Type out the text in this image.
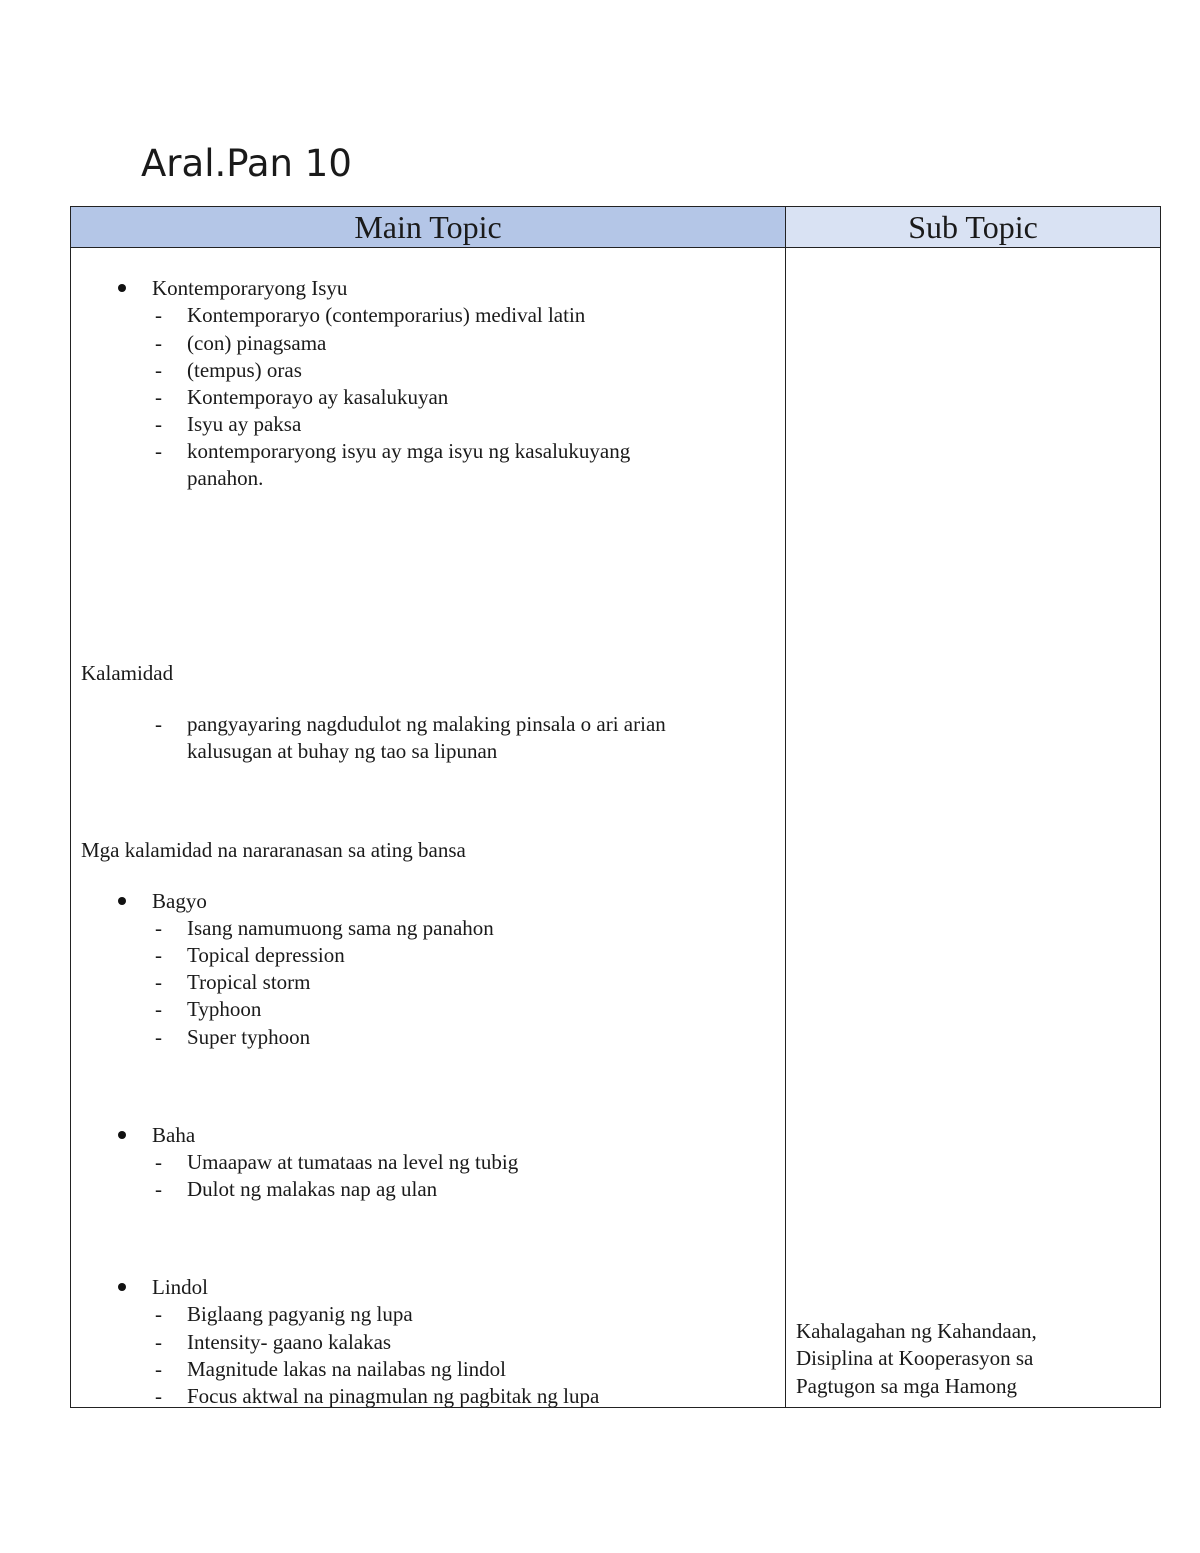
Aral.Pan 10
Main Topic	Sub Topic
Kontemporaryong Isyu
- Kontemporaryo (contemporarius) medival latin
- (con) pinagsama
- (tempus) oras
- Kontemporayo ay kasalukuyan
- Isyu ay paksa
- kontemporaryong isyu ay mga isyu ng kasalukuyang
panahon.
Kalamidad
- pangyayaring nagdudulot ng malaking pinsala o ari arian
kalusugan at buhay ng tao sa lipunan
Mga kalamidad na nararanasan sa ating bansa
Bagyo
- Isang namumuong sama ng panahon
- Topical depression
- Tropical storm
- Typhoon
- Super typhoon
Baha
- Umaapaw at tumataas na level ng tubig
- Dulot ng malakas nap ag ulan
Lindol
- Biglaang pagyanig ng lupa
- Intensity- gaano kalakas
- Magnitude lakas na nailabas ng lindol
- Focus aktwal na pinagmulan ng pagbitak ng lupa
Kahalagahan ng Kahandaan,
Disiplina at Kooperasyon sa
Pagtugon sa mga Hamong
